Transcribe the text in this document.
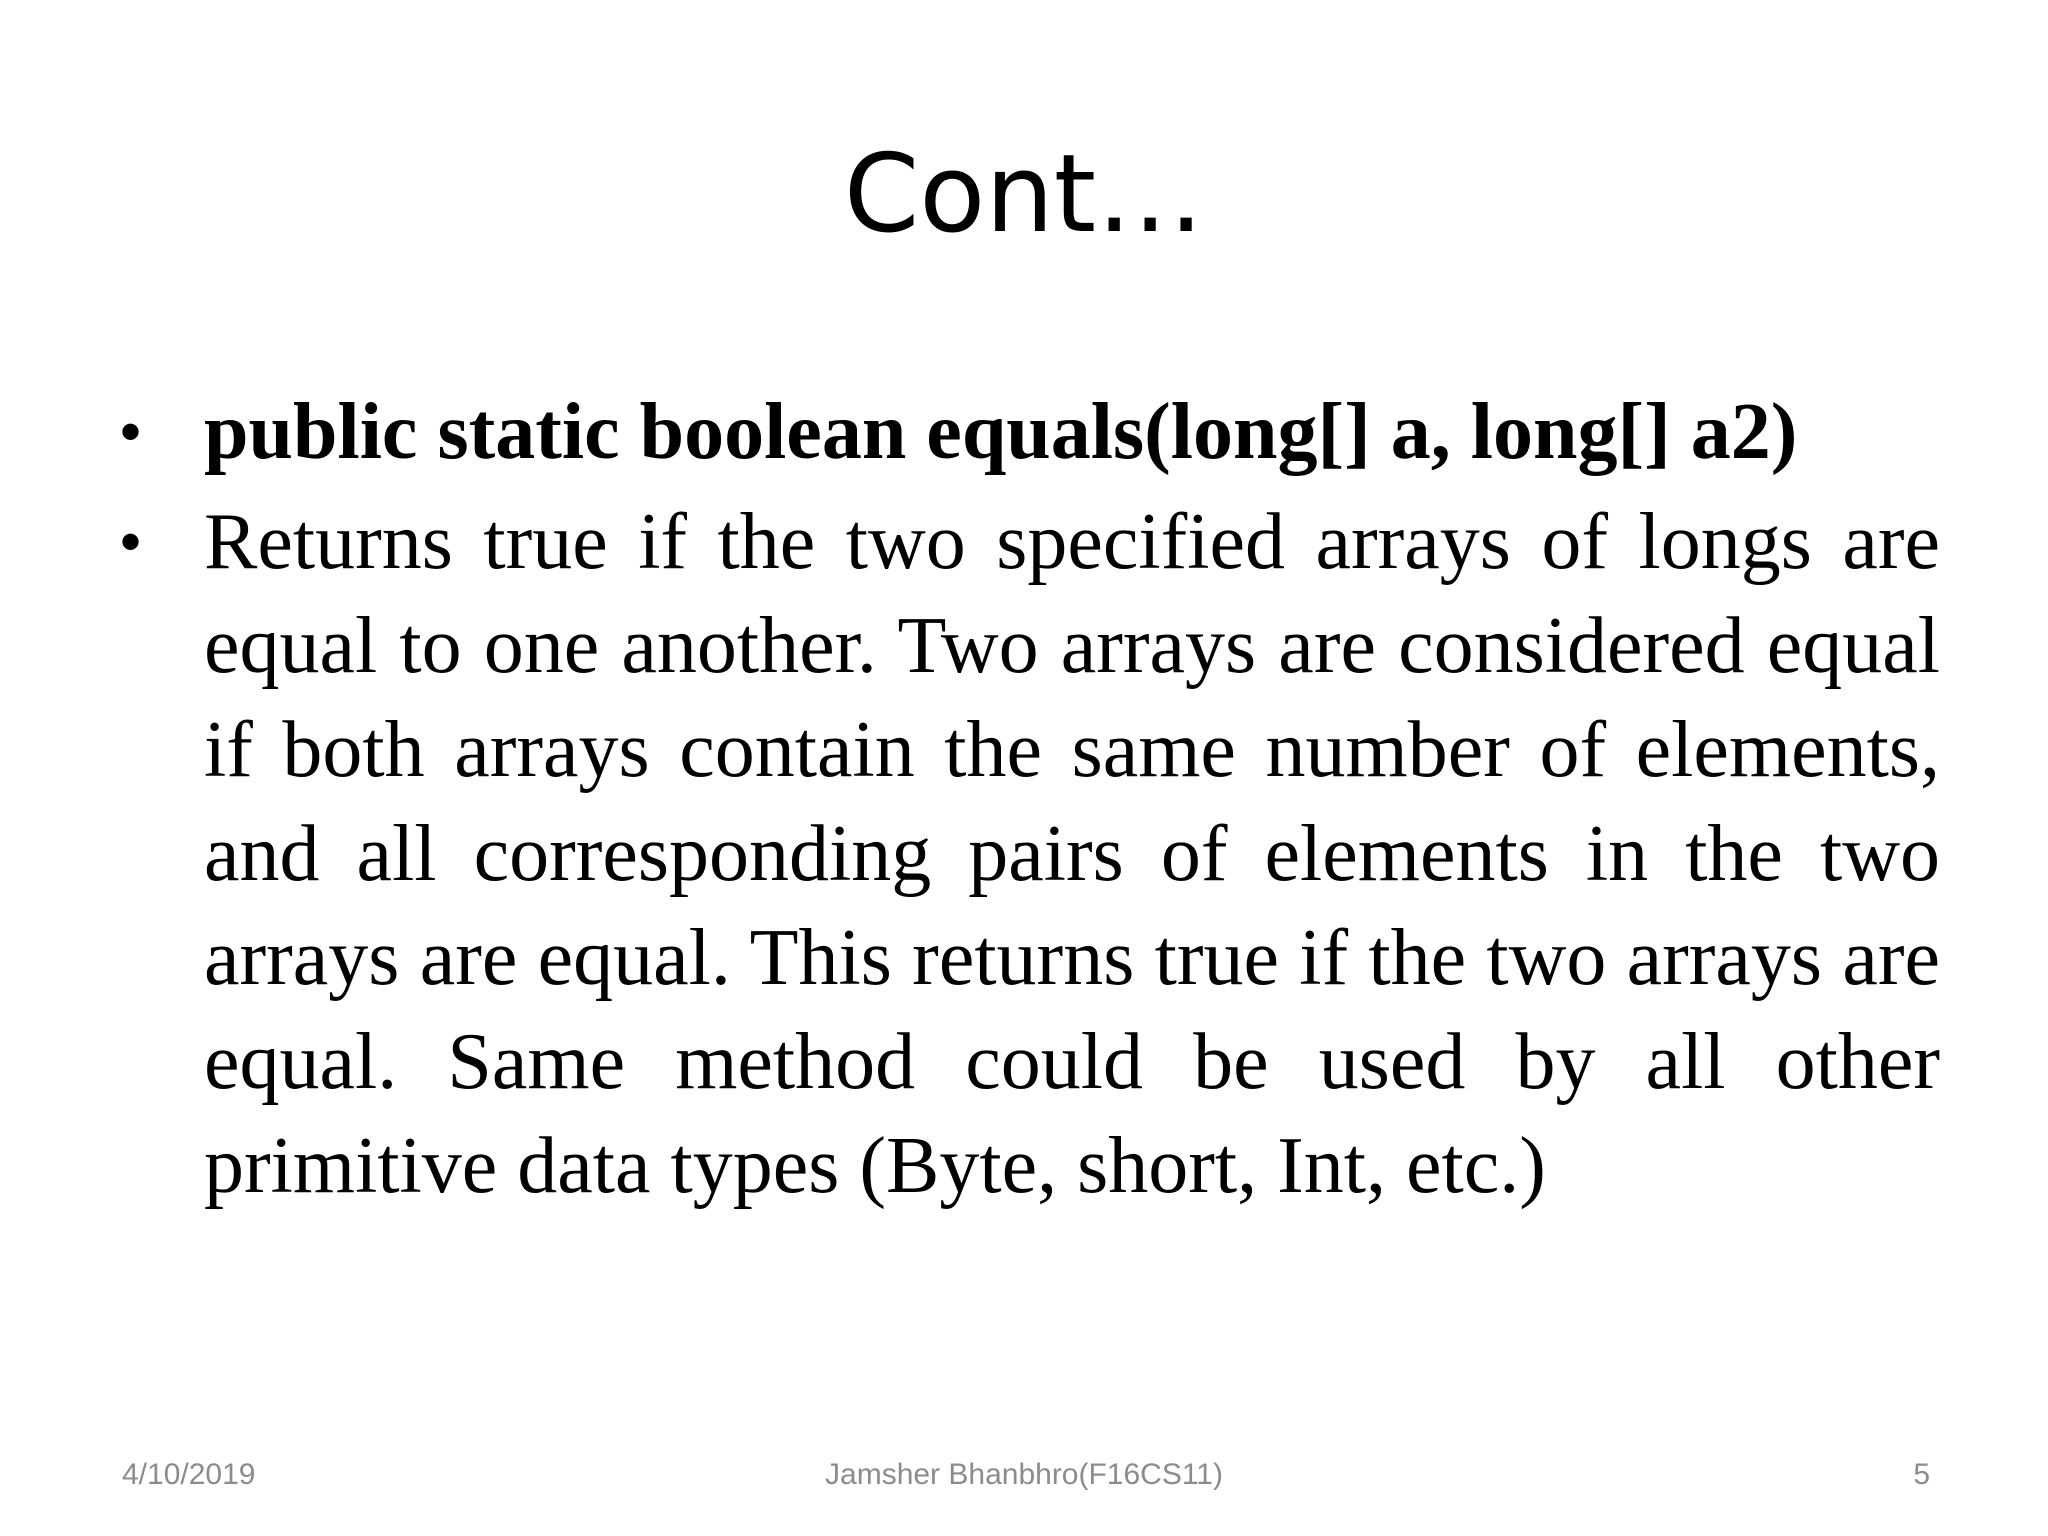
Cont…
• public static boolean equals(long[] a, long[] a2)
• Returns true if the two specified arrays of longs are equal to one another. Two arrays are considered equal if both arrays contain the same number of elements, and all corresponding pairs of elements in the two arrays are equal. This returns true if the two arrays are equal. Same method could be used by all other primitive data types (Byte, short, Int, etc.)
4/10/2019	Jamsher Bhanbhro(F16CS11)	5
